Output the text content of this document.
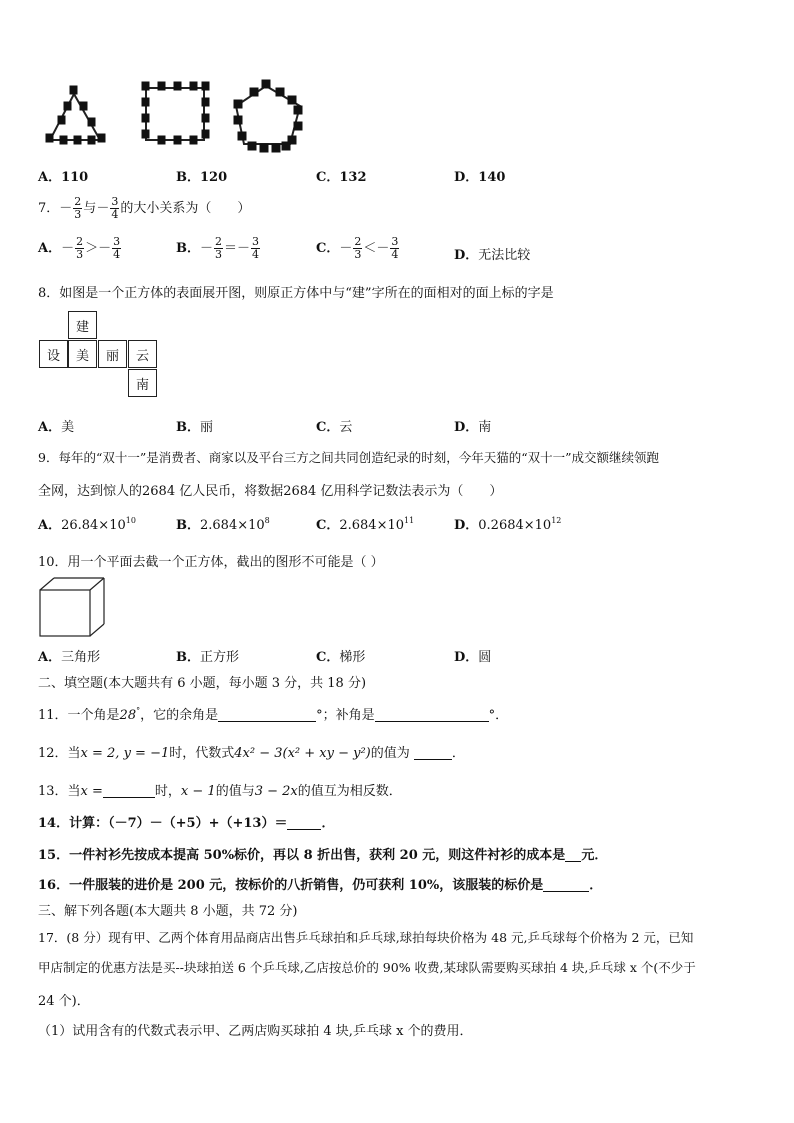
A．110	B．120	C．132	D．140
7．－ $\frac{2}{3}$ 与－ $\frac{3}{4}$ 的大小关系为（　　）
A．－ $\frac{2}{3} >- \frac{3}{4}$	B．－ $\frac{2}{3} =- \frac{3}{4}$	C．－ $\frac{2}{3} <- \frac{3}{4}$	D．无法比较
8．如图是一个正方体的表面展开图，则原正方体中与“建”字所在的面相对的面上标的字是
建
设	美	丽	云
南
A．美	B．丽	C．云	D．南
9．每年的“双十一”是消费者、商家以及平台三方之间共同创造纪录的时刻，今年天猫的“双十一”成交额继续领跑
全网，达到惊人的2684 亿人民币，将数据2684 亿用科学记数法表示为（　　）
A．$26.84\times 10^{10}$	B．$2.684\times 10^8$	C．$2.684\times 10^{11}$	D．$0.2684\times 10^{12}$
10．用一个平面去截一个正方体，截出的图形不可能是（ ）
A．三角形	B．正方形	C．梯形	D．圆
二、填空题(本大题共有 6 小题，每小题 3 分，共 18 分)
11．一个角是28°，它的余角是	°；补角是	°．
12．当x = 2, y = −1时，代数式4x² − 3(x² + xy − y²)的值为	．
13．当x =	时，x − 1的值与3 − 2x的值互为相反数．
14．计算：（－7）－（+5）+（+13）＝	．
15．一件衬衫先按成本提高 50%标价，再以 8 折出售，获利 20 元，则这件衬衫的成本是 元．
16．一件服装的进价是 200 元，按标价的八折销售，仍可获利 10%，该服装的标价是	．
三、解下列各题(本大题共 8 小题，共 72 分)
17．(8 分）现有甲、乙两个体育用品商店出售乒乓球拍和乒乓球,球拍每块价格为 48 元,乒乓球每个价格为 2 元，已知
甲店制定的优惠方法是买--块球拍送 6 个乒乓球,乙店按总价的 90% 收费,某球队需要购买球拍 4 块,乒乓球 x 个(不少于
24 个)．
（1）试用含有的代数式表示甲、乙两店购买球拍 4 块,乒乓球 x 个的费用．
